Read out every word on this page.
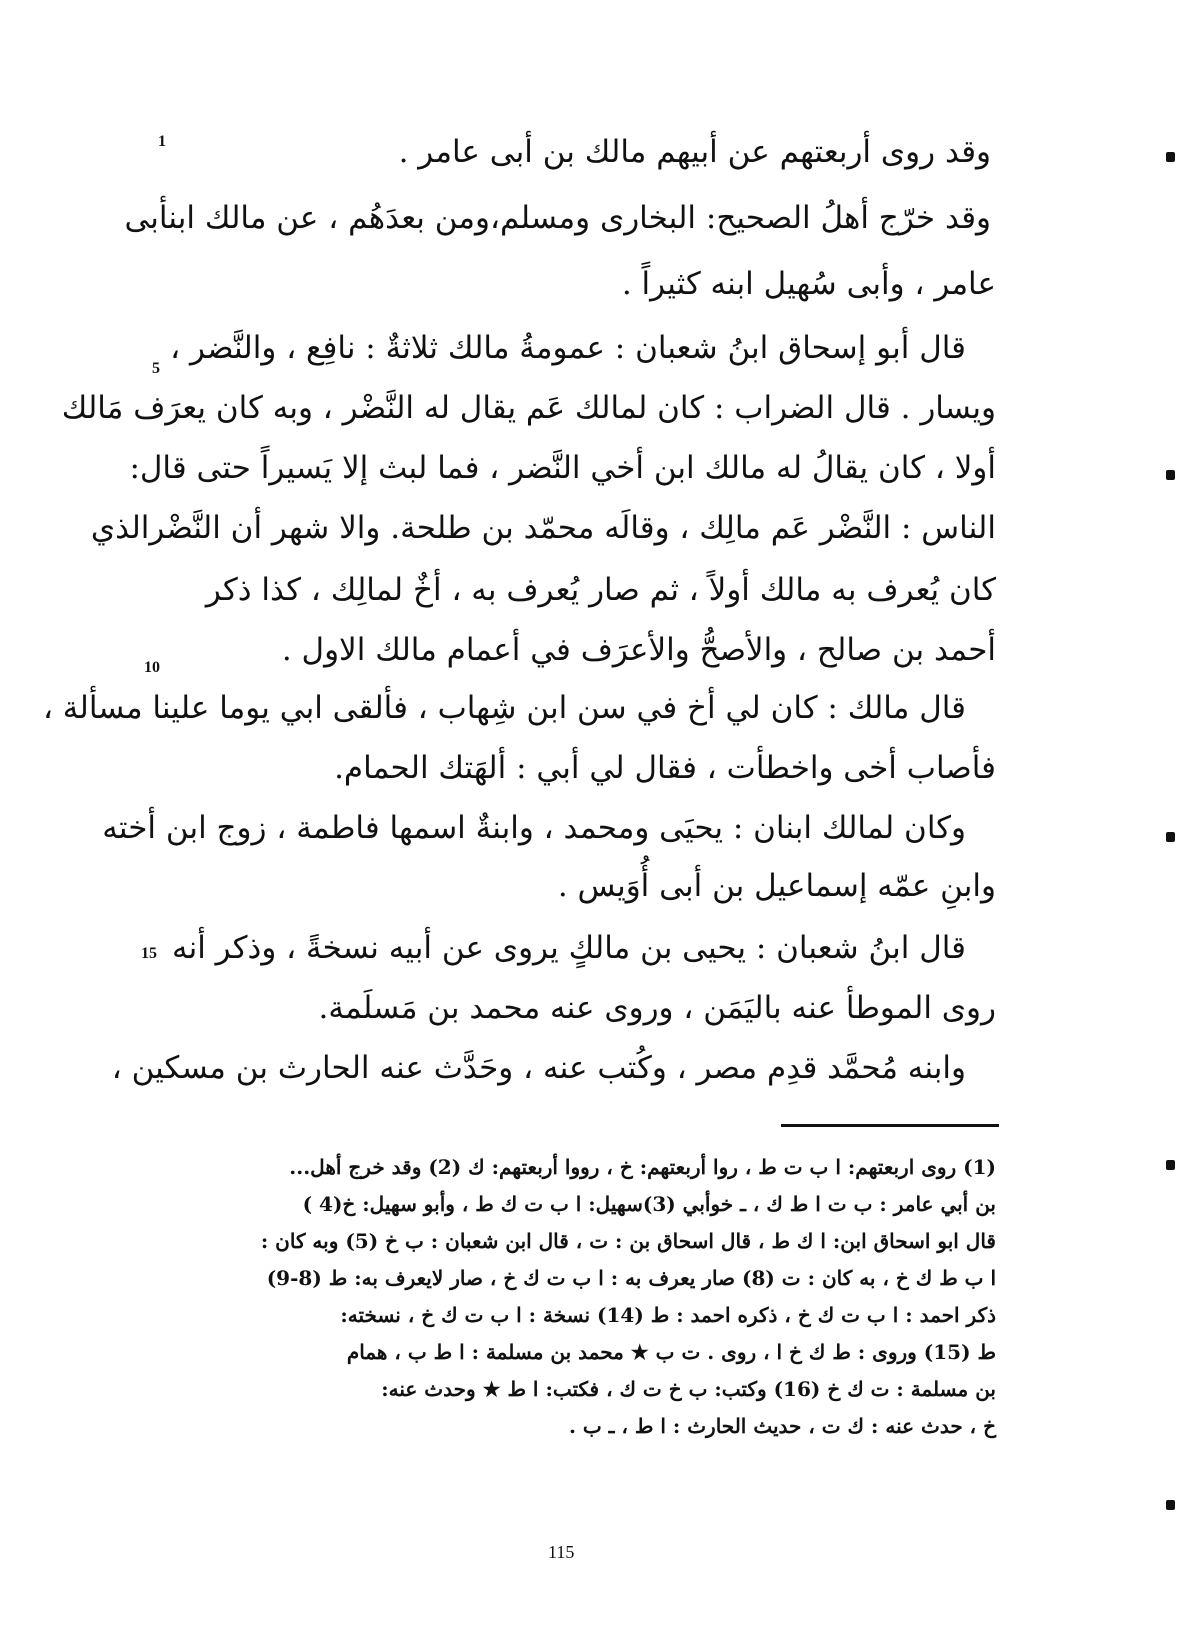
1
5
10
15
وقد روى أربعتهم عن أبيهم مالك بن أبى عامر .
وقد خرّج أهلُ الصحيح: البخارى ومسلم،ومن بعدَهُم ، عن مالك ابنأبى
عامر ، وأبى سُهيل ابنه كثيراً .
قال أبو إسحاق ابنُ شعبان : عمومةُ مالك ثلاثةٌ : نافِع ، والنَّضر ،
ويسار . قال الضراب : كان لمالك عَم يقال له النَّضْر ، وبه كان يعرَف مَالك
أولا ، كان يقالُ له مالك ابن أخي النَّضر ، فما لبث إلا يَسيراً حتى قال:
الناس : النَّضْر عَم مالِك ، وقالَه محمّد بن طلحة. والا شهر أن النَّضْرالذي
كان يُعرف به مالك أولاً ، ثم صار يُعرف به ، أخٌ لمالِك ، كذا ذكر
أحمد بن صالح ، والأصحُّ والأعرَف في أعمام مالك الاول .
قال مالك : كان لي أخ في سن ابن شِهاب ، فألقى ابي يوما علينا مسألة ،
فأصاب أخى واخطأت ، فقال لي أبي : ألهَتك الحمام.
وكان لمالك ابنان : يحيَى ومحمد ، وابنةٌ اسمها فاطمة ، زوج ابن أخته
وابنِ عمّه إسماعيل بن أبى أُوَيس .
قال ابنُ شعبان : يحيى بن مالكٍ يروى عن أبيه نسخةً ، وذكر أنه
روى الموطأ عنه باليَمَن ، وروى عنه محمد بن مَسلَمة.
وابنه مُحمَّد قدِم مصر ، وكُتب عنه ، وحَدَّث عنه الحارث بن مسكين ،
(1) روى اربعتهم: ا ب ت ط ، روا أربعتهم: خ ، رووا أربعتهم: ك (2) وقد خرج أهل...
بن أبي عامر : ب ت ا ط ك ، ـ خوأبي (3)سهيل: ا ب ت ك ط ، وأبو سهيل: خ(4 )
قال ابو اسحاق ابن: ا ك ط ، قال اسحاق بن : ت ، قال ابن شعبان : ب خ (5) وبه كان :
ا ب ط ك خ ، به كان : ت (8) صار يعرف به : ا ب ت ك خ ، صار لايعرف به: ط (8-9)
ذكر احمد : ا ب ت ك خ ، ذكره احمد : ط (14) نسخة : ا ب ت ك خ ، نسخته:
ط (15) وروى : ط ك خ ا ، روى . ت ب ★ محمد بن مسلمة : ا ط ب ، همام
بن مسلمة : ت ك خ (16) وكتب: ب خ ت ك ، فكتب: ا ط ★ وحدث عنه:
خ ، حدث عنه : ك ت ، حديث الحارث : ا ط ، ـ ب .
115
